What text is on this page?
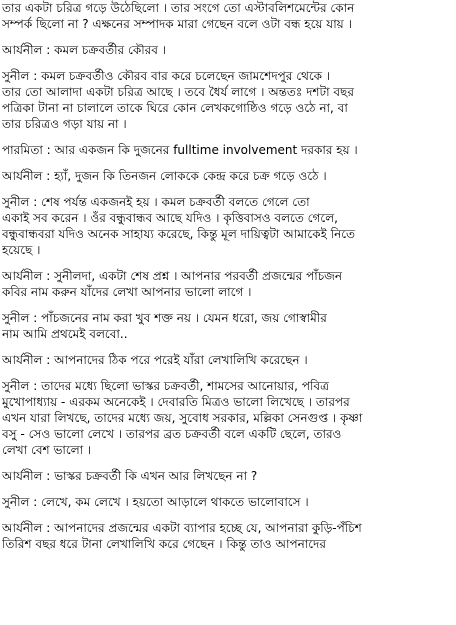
তার একটা চরিত্র গড়ে উঠেছিলো । তার সংগে তো এস্টাবলিশমেন্টের কোন
সম্পর্ক ছিলো না ? এক্ষনের সম্পাদক মারা গেছেন বলে ওটা বন্ধ হয়ে যায় ।
আর্যনীল : কমল চক্রবর্তীর কৌরব ।
সুনীল : কমল চক্রবর্তীও কৌরব বার করে চলেছেন জামশেদপুর থেকে ।
তার তো আলাদা একটা চরিত্র আছে । তবে ধৈর্য লাগে । অন্ততঃ দশটা বছর
পত্রিকা টানা না চালালে তাকে ঘিরে কোন লেখকগোষ্ঠিও গড়ে ওঠে না, বা
তার চরিত্রও গড়া যায় না ।
পারমিতা : আর একজন কি দুজনের fulltime involvement দরকার হয় ।
আর্যনীল : হ্যাঁ, দুজন কি তিনজন লোককে কেন্দ্র করে চক্র গড়ে ওঠে ।
সুনীল : শেষ পর্যন্ত একজনই হয় । কমল চক্রবর্তী বলতে গেলে তো
একাই সব করেন । ওঁর বন্ধুবান্ধব আছে যদিও । কৃত্তিবাসও বলতে গেলে,
বন্ধুবান্ধবরা যদিও অনেক সাহায্য করেছে, কিন্তু মূল দায়িত্বটা আমাকেই নিতে
হয়েছে ।
আর্যনীল : সুনীলদা, একটা শেষ প্রশ্ন । আপনার পরবর্তী প্রজন্মের পাঁচজন
কবির নাম করুন যাঁদের লেখা আপনার ভালো লাগে ।
সুনীল : পাঁচজনের নাম করা খুব শক্ত নয় । যেমন ধরো, জয় গোস্বামীর
নাম আমি প্রথমেই বলবো..
আর্যনীল : আপনাদের ঠিক পরে পরেই যাঁরা লেখালিখি করেছেন ।
সুনীল : তাদের মধ্যে ছিলো ভাস্কর চক্রবর্তী, শামসের আনোয়ার, পবিত্র
মুখোপাধ্যায় - এরকম অনেকেই । দেবারতি মিত্রও ভালো লিখেছে । তারপর
এখন যারা লিখছে, তাদের মধ্যে জয়, সুবোধ সরকার, মল্লিকা সেনগুপ্ত । কৃষ্ণা
বসু - সেও ভালো লেখে । তারপর ব্রত চক্রবর্তী বলে একটি ছেলে, তারও
লেখা বেশ ভালো ।
আর্যনীল : ভাস্কর চক্রবর্তী কি এখন আর লিখছেন না ?
সুনীল : লেখে, কম লেখে । হয়তো আড়ালে থাকতে ভালোবাসে ।
আর্যনীল : আপনাদের প্রজন্মের একটা ব্যাপার হচ্ছে যে, আপনারা কুড়ি-পঁচিশ
তিরিশ বছর ধরে টানা লেখালিখি করে গেছেন । কিন্তু তাও আপনাদের
